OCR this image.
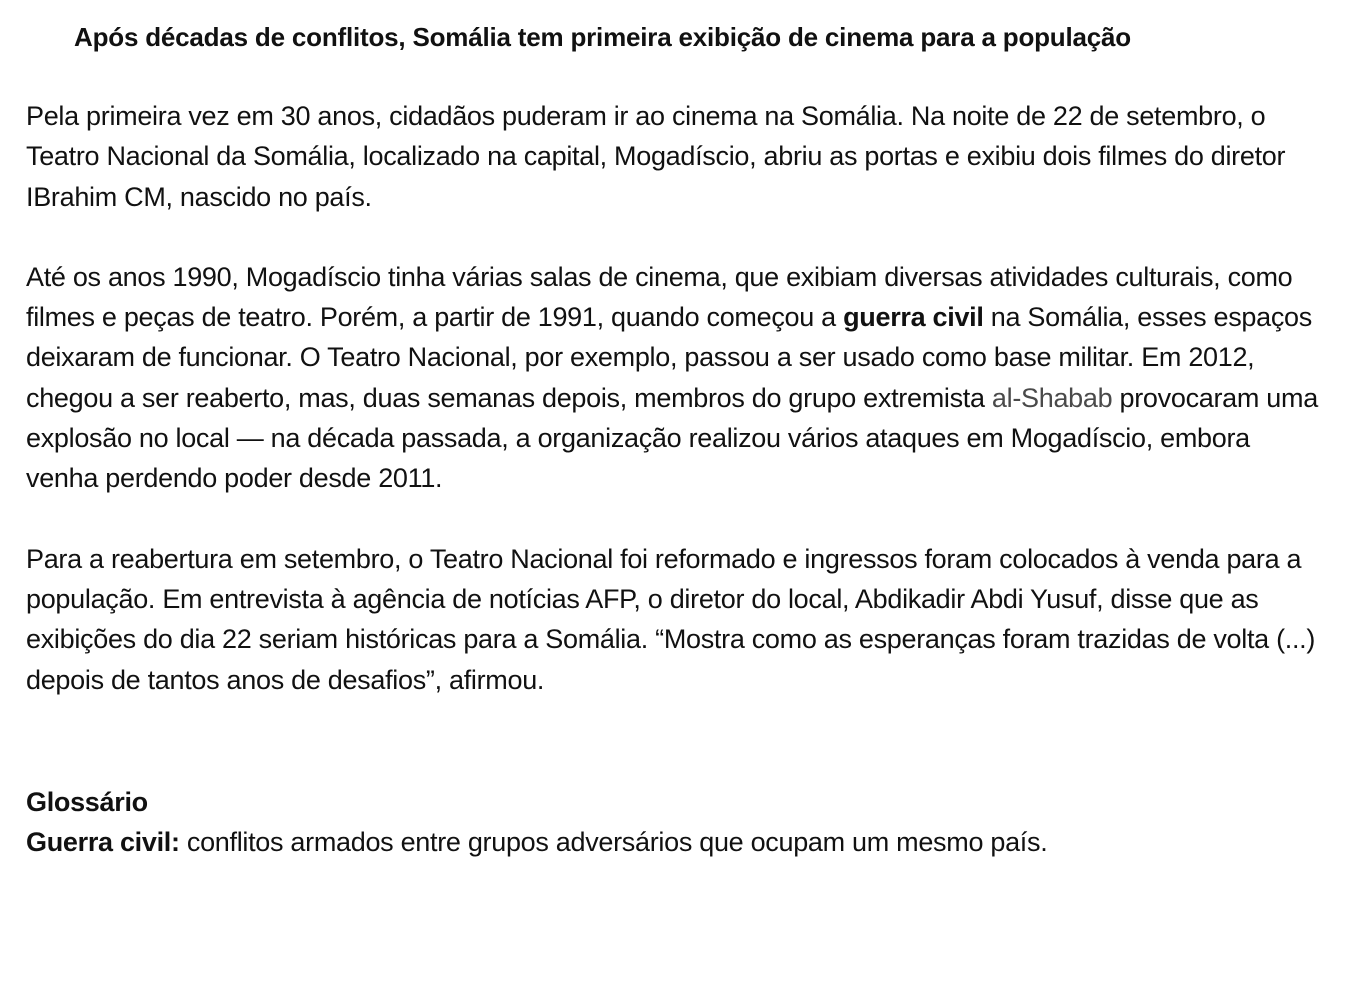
Após décadas de conflitos, Somália tem primeira exibição de cinema para a população

Pela primeira vez em 30 anos, cidadãos puderam ir ao cinema na Somália. Na noite de 22 de setembro, o Teatro Nacional da Somália, localizado na capital, Mogadíscio, abriu as portas e exibiu dois filmes do diretor IBrahim CM, nascido no país.

Até os anos 1990, Mogadíscio tinha várias salas de cinema, que exibiam diversas atividades culturais, como filmes e peças de teatro. Porém, a partir de 1991, quando começou a guerra civil na Somália, esses espaços deixaram de funcionar. O Teatro Nacional, por exemplo, passou a ser usado como base militar. Em 2012, chegou a ser reaberto, mas, duas semanas depois, membros do grupo extremista al-Shabab provocaram uma explosão no local — na década passada, a organização realizou vários ataques em Mogadíscio, embora venha perdendo poder desde 2011.

Para a reabertura em setembro, o Teatro Nacional foi reformado e ingressos foram colocados à venda para a população. Em entrevista à agência de notícias AFP, o diretor do local, Abdikadir Abdi Yusuf, disse que as exibições do dia 22 seriam históricas para a Somália. “Mostra como as esperanças foram trazidas de volta (...) depois de tantos anos de desafios”, afirmou.

Glossário
Guerra civil: conflitos armados entre grupos adversários que ocupam um mesmo país.
